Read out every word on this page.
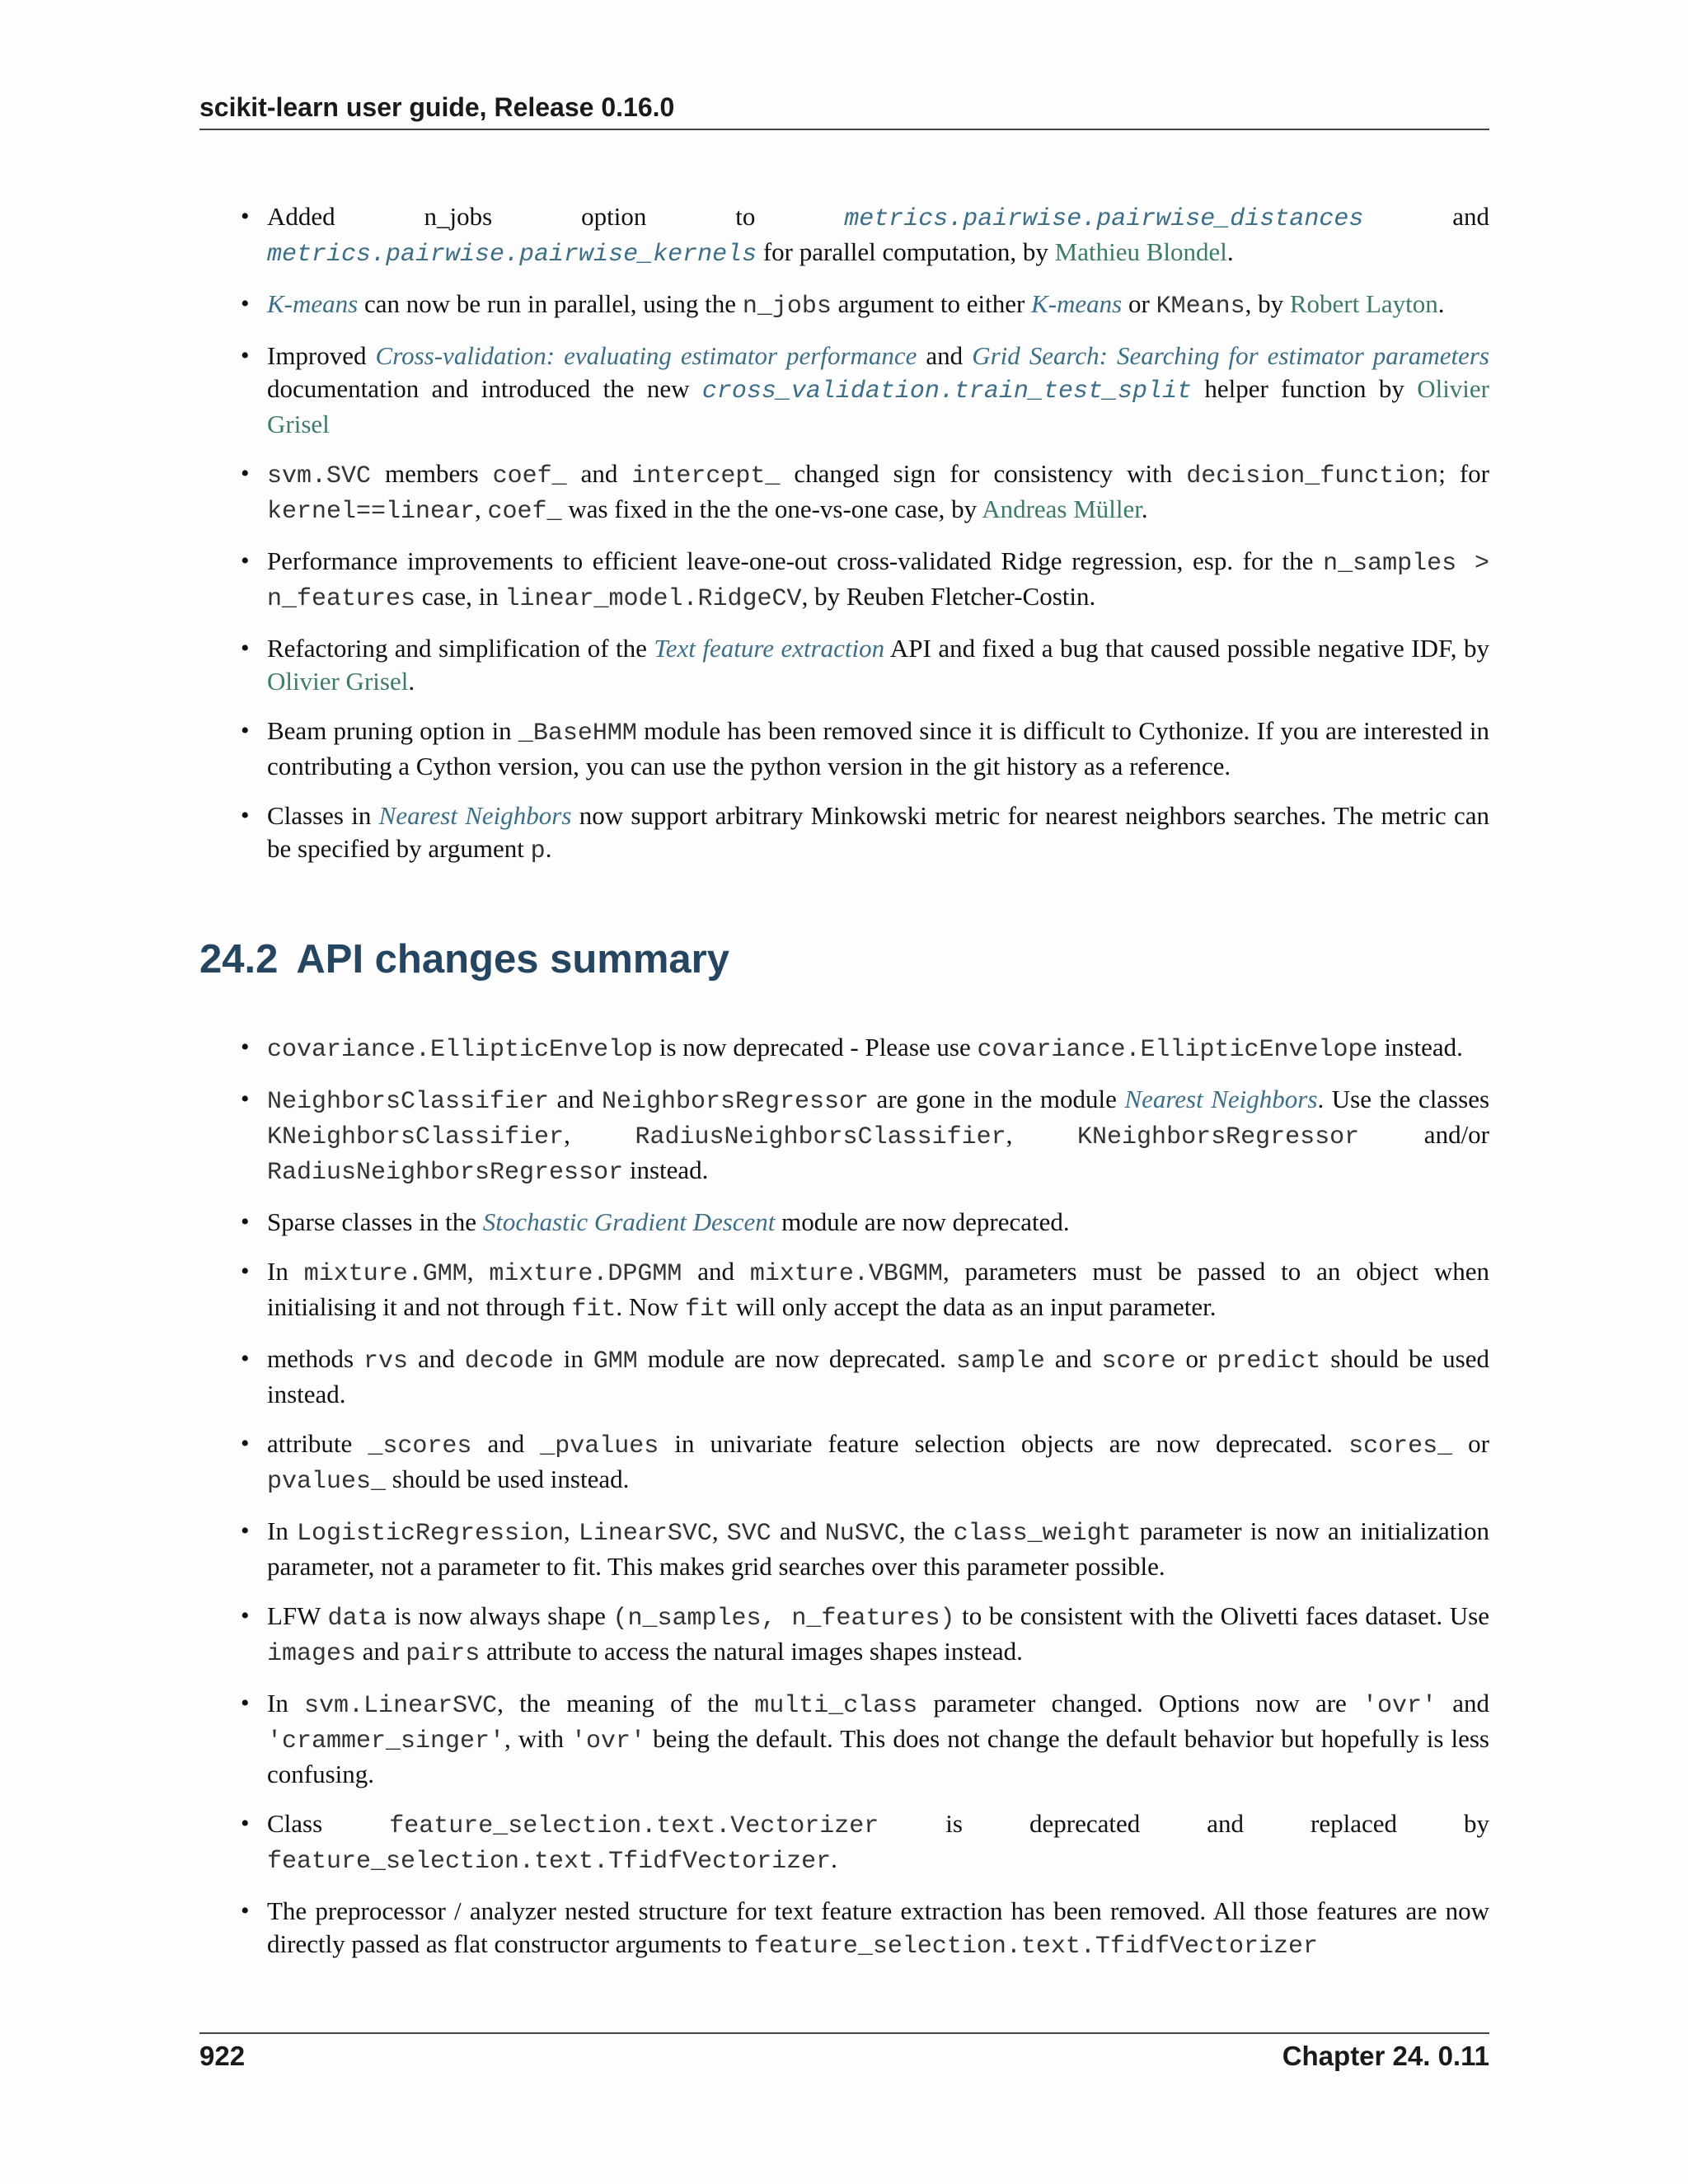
scikit-learn user guide, Release 0.16.0
• Added n_jobs option to metrics.pairwise.pairwise_distances and metrics.pairwise.pairwise_kernels for parallel computation, by Mathieu Blondel.
• K-means can now be run in parallel, using the n_jobs argument to either K-means or KMeans, by Robert Layton.
• Improved Cross-validation: evaluating estimator performance and Grid Search: Searching for estimator parameters documentation and introduced the new cross_validation.train_test_split helper function by Olivier Grisel
• svm.SVC members coef_ and intercept_ changed sign for consistency with decision_function; for kernel==linear, coef_ was fixed in the the one-vs-one case, by Andreas Müller.
• Performance improvements to efficient leave-one-out cross-validated Ridge regression, esp. for the n_samples > n_features case, in linear_model.RidgeCV, by Reuben Fletcher-Costin.
• Refactoring and simplification of the Text feature extraction API and fixed a bug that caused possible negative IDF, by Olivier Grisel.
• Beam pruning option in _BaseHMM module has been removed since it is difficult to Cythonize. If you are interested in contributing a Cython version, you can use the python version in the git history as a reference.
• Classes in Nearest Neighbors now support arbitrary Minkowski metric for nearest neighbors searches. The metric can be specified by argument p.
24.2 API changes summary
• covariance.EllipticEnvelop is now deprecated - Please use covariance.EllipticEnvelope instead.
• NeighborsClassifier and NeighborsRegressor are gone in the module Nearest Neighbors. Use the classes KNeighborsClassifier, RadiusNeighborsClassifier, KNeighborsRegressor and/or RadiusNeighborsRegressor instead.
• Sparse classes in the Stochastic Gradient Descent module are now deprecated.
• In mixture.GMM, mixture.DPGMM and mixture.VBGMM, parameters must be passed to an object when initialising it and not through fit. Now fit will only accept the data as an input parameter.
• methods rvs and decode in GMM module are now deprecated. sample and score or predict should be used instead.
• attribute _scores and _pvalues in univariate feature selection objects are now deprecated. scores_ or pvalues_ should be used instead.
• In LogisticRegression, LinearSVC, SVC and NuSVC, the class_weight parameter is now an initialization parameter, not a parameter to fit. This makes grid searches over this parameter possible.
• LFW data is now always shape (n_samples, n_features) to be consistent with the Olivetti faces dataset. Use images and pairs attribute to access the natural images shapes instead.
• In svm.LinearSVC, the meaning of the multi_class parameter changed. Options now are 'ovr' and 'crammer_singer', with 'ovr' being the default. This does not change the default behavior but hopefully is less confusing.
• Class feature_selection.text.Vectorizer is deprecated and replaced by feature_selection.text.TfidfVectorizer.
• The preprocessor / analyzer nested structure for text feature extraction has been removed. All those features are now directly passed as flat constructor arguments to feature_selection.text.TfidfVectorizer
922	Chapter 24. 0.11
